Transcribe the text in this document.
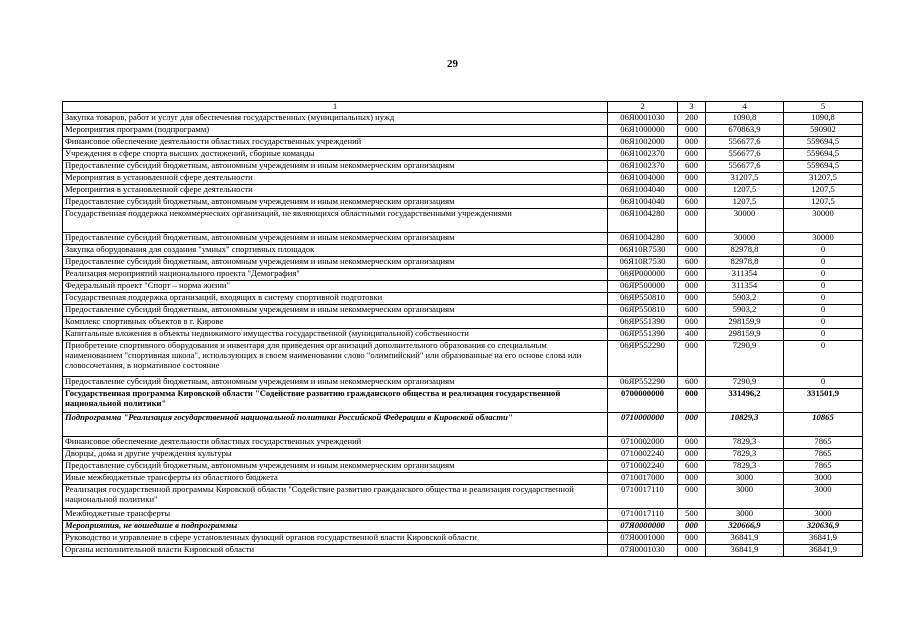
29
1	2	3	4	5
Закупка товаров, работ и услуг для обеспечения государственных (муниципальных) нужд	06Я0001030	200	1090,8	1090,8
Мероприятия программ (подпрограмм)	06Я1000000	000	670863,9	590902
Финансовое обеспечение деятельности областных государственных учреждений	06Я1002000	000	556677,6	559694,5
Учреждения в сфере спорта высших достижений, сборные команды	06Я1002370	000	556677,6	559694,5
Предоставление субсидий бюджетным, автономным учреждениям и иным некоммерческим организациям	06Я1002370	600	556677,6	559694,5
Мероприятия в установленной сфере деятельности	06Я1004000	000	31207,5	31207,5
Мероприятия в установленной сфере деятельности	06Я1004040	000	1207,5	1207,5
Предоставление субсидий бюджетным, автономным учреждениям и иным некоммерческим организациям	06Я1004040	600	1207,5	1207,5
Государственная поддержка некоммерческих организаций, не являющихся областными государственными учреждениями	06Я1004280	000	30000	30000
Предоставление субсидий бюджетным, автономным учреждениям и иным некоммерческим организациям	06Я1004280	600	30000	30000
Закупка оборудования для создания "умных" спортивных площадок	06Я10R7530	000	82978,8	0
Предоставление субсидий бюджетным, автономным учреждениям и иным некоммерческим организациям	06Я10R7530	600	82978,8	0
Реализация мероприятий национального проекта "Демография"	06ЯP000000	000	311354	0
Федеральный проект "Спорт – норма жизни"	06ЯP500000	000	311354	0
Государственная поддержка организаций, входящих в систему спортивной подготовки	06ЯP550810	000	5903,2	0
Предоставление субсидий бюджетным, автономным учреждениям и иным некоммерческим организациям	06ЯP550810	600	5903,2	0
Комплекс спортивных объектов в г. Кирове	06ЯP551390	000	298159,9	0
Капитальные вложения в объекты недвижимого имущества государственной (муниципальной) собственности	06ЯP551390	400	298159,9	0
Приобретение спортивного оборудования и инвентаря для приведения организаций дополнительного образования со специальным наименованием "спортивная школа", использующих в своем наименовании слово "олимпийский" или образованные на его основе слова или словосочетания, в нормативное состояние	06ЯP552290	000	7290,9	0
Предоставление субсидий бюджетным, автономным учреждениям и иным некоммерческим организациям	06ЯP552290	600	7290,9	0
Государственная программа Кировской области "Содействие развитию гражданского общества и реализация государственной национальной политики"	0700000000	000	331496,2	331501,9
Подпрограмма "Реализация государственной национальной политики Российской Федерации в Кировской области"	0710000000	000	10829,3	10865
Финансовое обеспечение деятельности областных государственных учреждений	0710002000	000	7829,3	7865
Дворцы, дома и другие учреждения культуры	0710002240	000	7829,3	7865
Предоставление субсидий бюджетным, автономным учреждениям и иным некоммерческим организациям	0710002240	600	7829,3	7865
Иные межбюджетные трансферты из областного бюджета	0710017000	000	3000	3000
Реализация государственной программы Кировской области "Содействие развитию гражданского общества и реализация государственной национальной политики"	0710017110	000	3000	3000
Межбюджетные трансферты	0710017110	500	3000	3000
Мероприятия, не вошедшие в подпрограммы	07Я0000000	000	320666,9	320636,9
Руководство и управление в сфере установленных функций органов государственной власти Кировской области	07Я0001000	000	36841,9	36841,9
Органы исполнительной власти Кировской области	07Я0001030	000	36841,9	36841,9
